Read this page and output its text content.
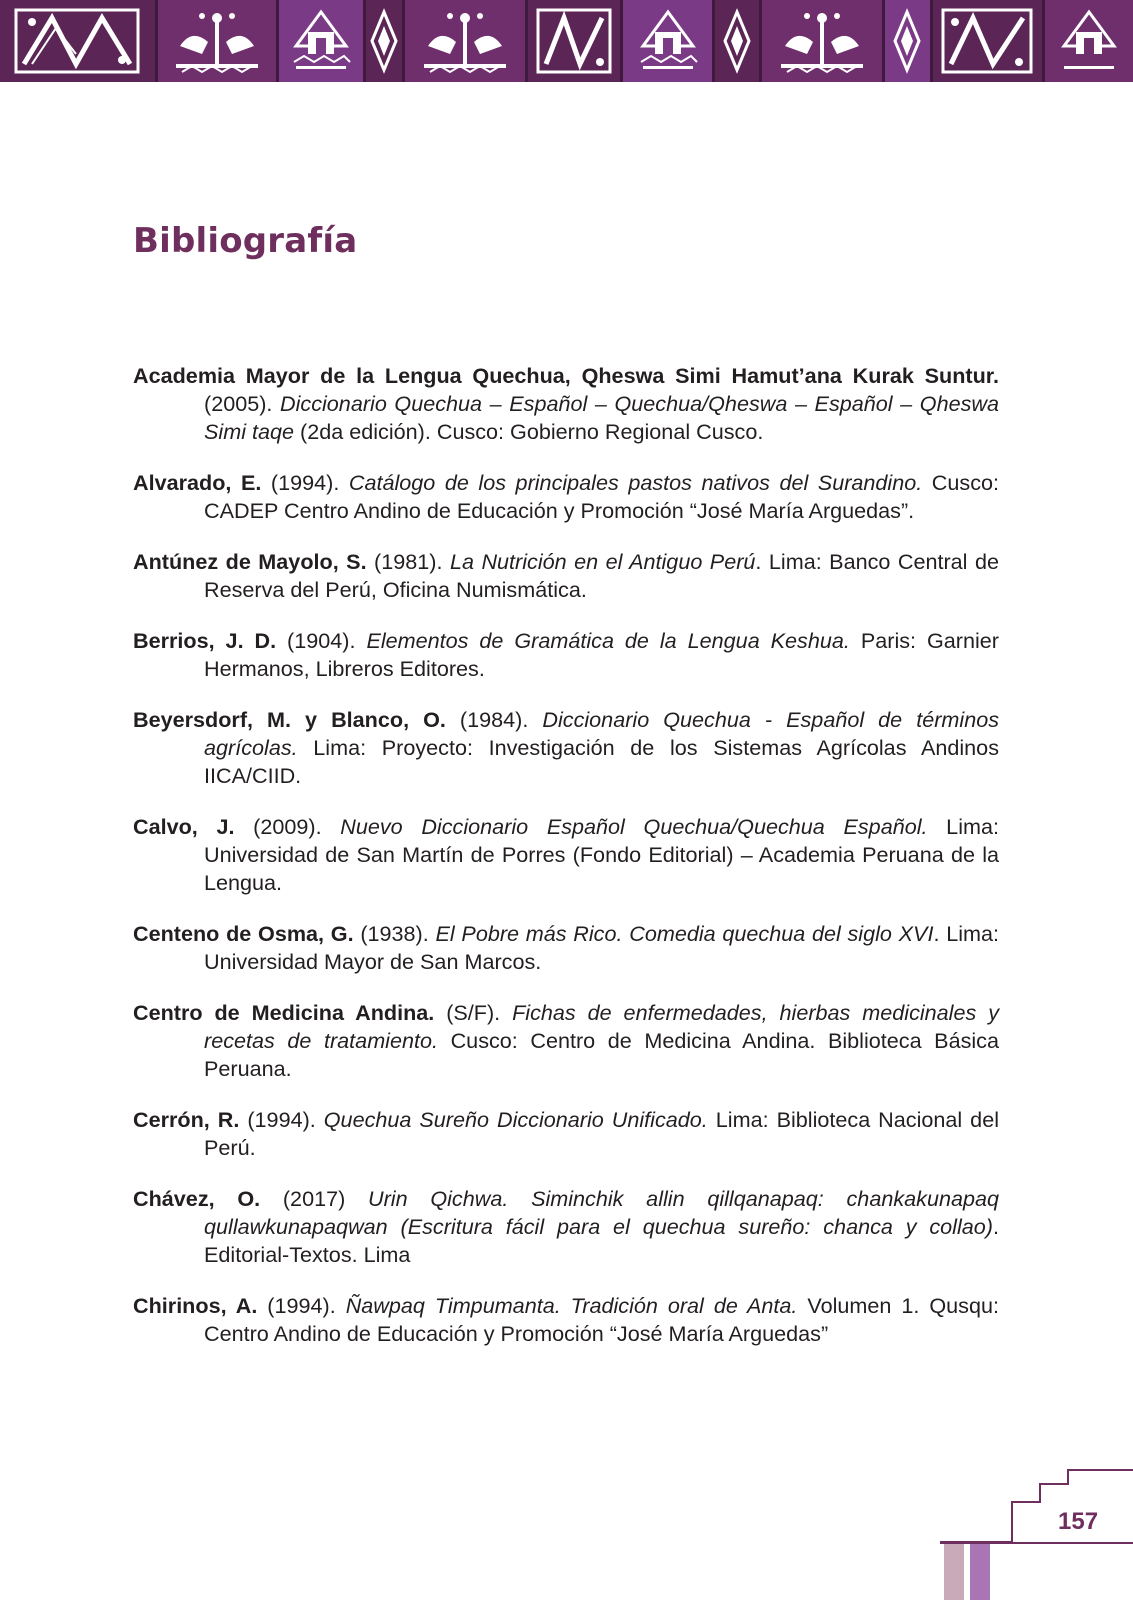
Bibliografía

Academia Mayor de la Lengua Quechua, Qheswa Simi Hamut’ana Kurak Suntur. (2005). Diccionario Quechua – Español – Quechua/Qheswa – Español – Qheswa Simi taqe (2da edición). Cusco: Gobierno Regional Cusco.

Alvarado, E. (1994). Catálogo de los principales pastos nativos del Surandino. Cusco: CADEP Centro Andino de Educación y Promoción “José María Arguedas”.

Antúnez de Mayolo, S. (1981). La Nutrición en el Antiguo Perú. Lima: Banco Central de Reserva del Perú, Oficina Numismática.

Berrios, J. D. (1904). Elementos de Gramática de la Lengua Keshua. Paris: Garnier Hermanos, Libreros Editores.

Beyersdorf, M. y Blanco, O. (1984). Diccionario Quechua - Español de términos agrícolas. Lima: Proyecto: Investigación de los Sistemas Agrícolas Andinos IICA/CIID.

Calvo, J. (2009). Nuevo Diccionario Español Quechua/Quechua Español. Lima: Universidad de San Martín de Porres (Fondo Editorial) – Academia Peruana de la Lengua.

Centeno de Osma, G. (1938). El Pobre más Rico. Comedia quechua del siglo XVI. Lima: Universidad Mayor de San Marcos.

Centro de Medicina Andina. (S/F). Fichas de enfermedades, hierbas medicinales y recetas de tratamiento. Cusco: Centro de Medicina Andina. Biblioteca Básica Peruana.

Cerrón, R. (1994). Quechua Sureño Diccionario Unificado. Lima: Biblioteca Nacional del Perú.

Chávez, O. (2017) Urin Qichwa. Siminchik allin qillqanapaq: chankakunapaq qullawkunapaqwan (Escritura fácil para el quechua sureño: chanca y collao). Editorial-Textos. Lima

Chirinos, A. (1994). Ñawpaq Timpumanta. Tradición oral de Anta. Volumen 1. Qusqu: Centro Andino de Educación y Promoción “José María Arguedas”

157
